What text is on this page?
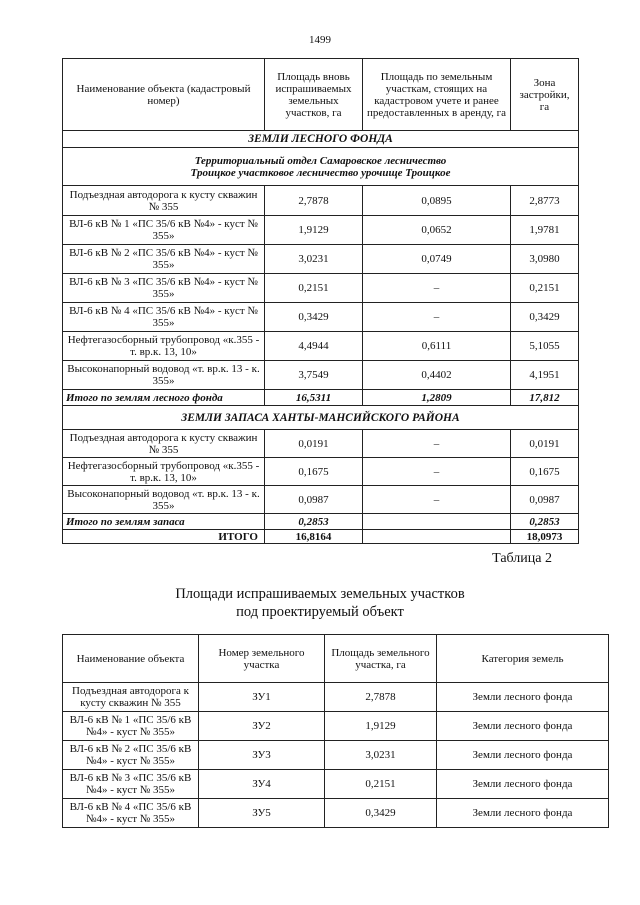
1499
Наименование объекта (кадастровый номер)	Площадь вновь испрашиваемых земельных участков, га	Площадь по земельным участкам, стоящих на кадастровом учете и ранее предоставленных в аренду, га	Зона застройки, га
ЗЕМЛИ ЛЕСНОГО ФОНДА			

Территориальный отдел Самаровское лесничество
Троицкое участковое лесничество урочище Троицкое			

Подъездная автодорога к кусту скважин № 355	2,7878	0,0895	2,8773
ВЛ-6 кВ № 1 «ПС 35/6 кВ №4» - куст № 355»	1,9129	0,0652	1,9781
ВЛ-6 кВ № 2 «ПС 35/6 кВ №4» - куст № 355»	3,0231	0,0749	3,0980
ВЛ-6 кВ № 3 «ПС 35/6 кВ №4» - куст № 355»	0,2151	–	0,2151
ВЛ-6 кВ № 4 «ПС 35/6 кВ №4» - куст № 355»	0,3429	–	0,3429
Нефтегазосборный трубопровод «к.355 - т. вр.к. 13, 10»	4,4944	0,6111	5,1055
Высоконапорный водовод «т. вр.к. 13 - к. 355»	3,7549	0,4402	4,1951
Итого по землям лесного фонда	16,5311	1,2809	17,812
ЗЕМЛИ ЗАПАСА ХАНТЫ-МАНСИЙСКОГО РАЙОНА			
Подъездная автодорога к кусту скважин № 355	0,0191	–	0,0191
Нефтегазосборный трубопровод «к.355 - т. вр.к. 13, 10»	0,1675	–	0,1675
Высоконапорный водовод «т. вр.к. 13 - к. 355»	0,0987	–	0,0987
Итого по землям запаса	0,2853		0,2853
ИТОГО	16,8164		18,0973
Таблица 2
Площади испрашиваемых земельных участков
под проектируемый объект
Наименование объекта	Номер земельного участка	Площадь земельного участка, га	Категория земель
Подъездная автодорога к кусту скважин № 355	ЗУ1	2,7878	Земли лесного фонда
ВЛ-6 кВ № 1 «ПС 35/6 кВ №4» - куст № 355»	ЗУ2	1,9129	Земли лесного фонда
ВЛ-6 кВ № 2 «ПС 35/6 кВ №4» - куст № 355»	ЗУ3	3,0231	Земли лесного фонда
ВЛ-6 кВ № 3 «ПС 35/6 кВ №4» - куст № 355»	ЗУ4	0,2151	Земли лесного фонда
ВЛ-6 кВ № 4 «ПС 35/6 кВ №4» - куст № 355»	ЗУ5	0,3429	Земли лесного фонда
